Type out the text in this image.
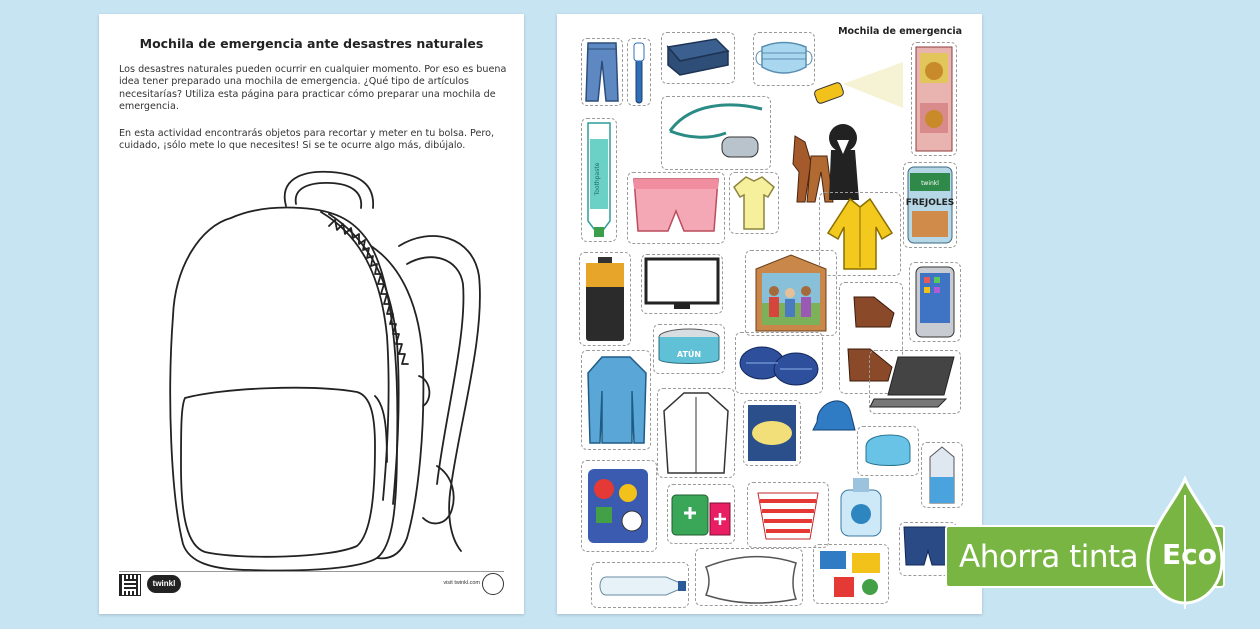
Mochila de emergencia ante desastres naturales
Los desastres naturales pueden ocurrir en cualquier momento. Por eso es buena idea tener preparado una mochila de emergencia. ¿Qué tipo de artículos necesitarías? Utiliza esta página para practicar cómo preparar una mochila de emergencia.
En esta actividad encontrarás objetos para recortar y meter en tu bolsa. Pero, cuidado, ¡sólo mete lo que necesites! Si se te ocurre algo más, dibújalo.
twinkl	visit twinkl.com
Mochila de emergencia
Toothpaste	twinkl
FREJOLES
ATÚN
Ahorra tinta Eco
